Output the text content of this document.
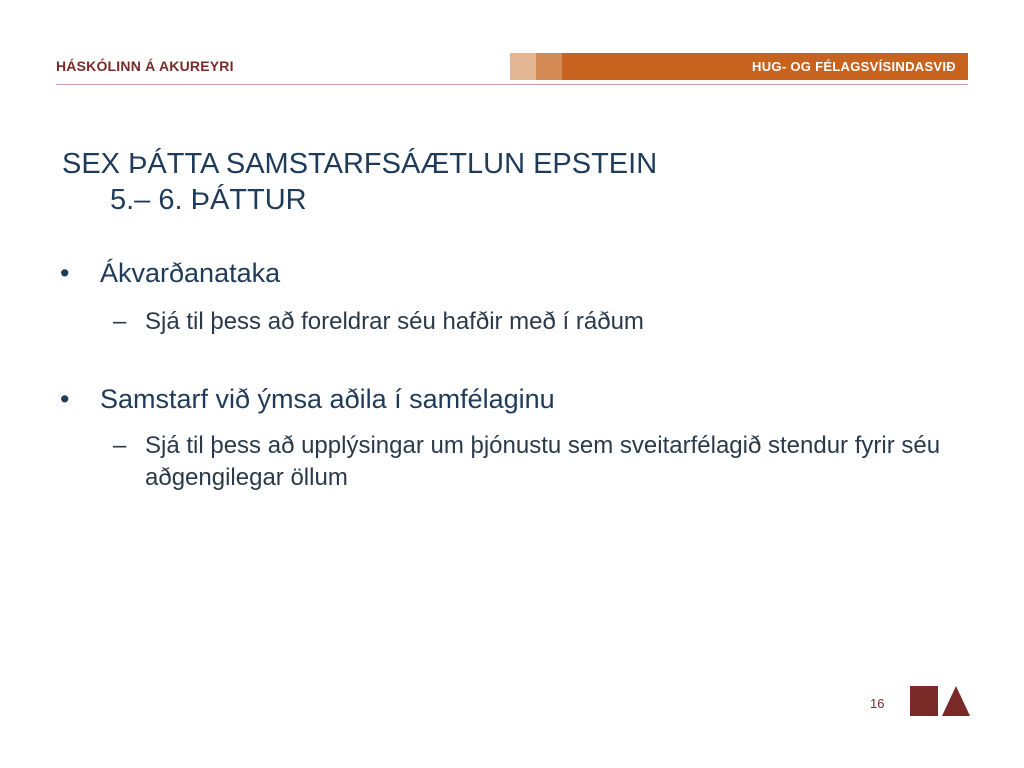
HÁSKÓLINN Á AKUREYRI	HUG- OG FÉLAGSVÍSINDASVIÐ
SEX ÞÁTTA SAMSTARFSÁÆTLUN EPSTEIN
5.– 6. ÞÁTTUR
•	Ákvarðanataka
– Sjá til þess að foreldrar séu hafðir með í ráðum
•	Samstarf við ýmsa aðila í samfélaginu
– Sjá til þess að upplýsingar um þjónustu sem sveitarfélagið stendur fyrir séu aðgengilegar öllum
16
